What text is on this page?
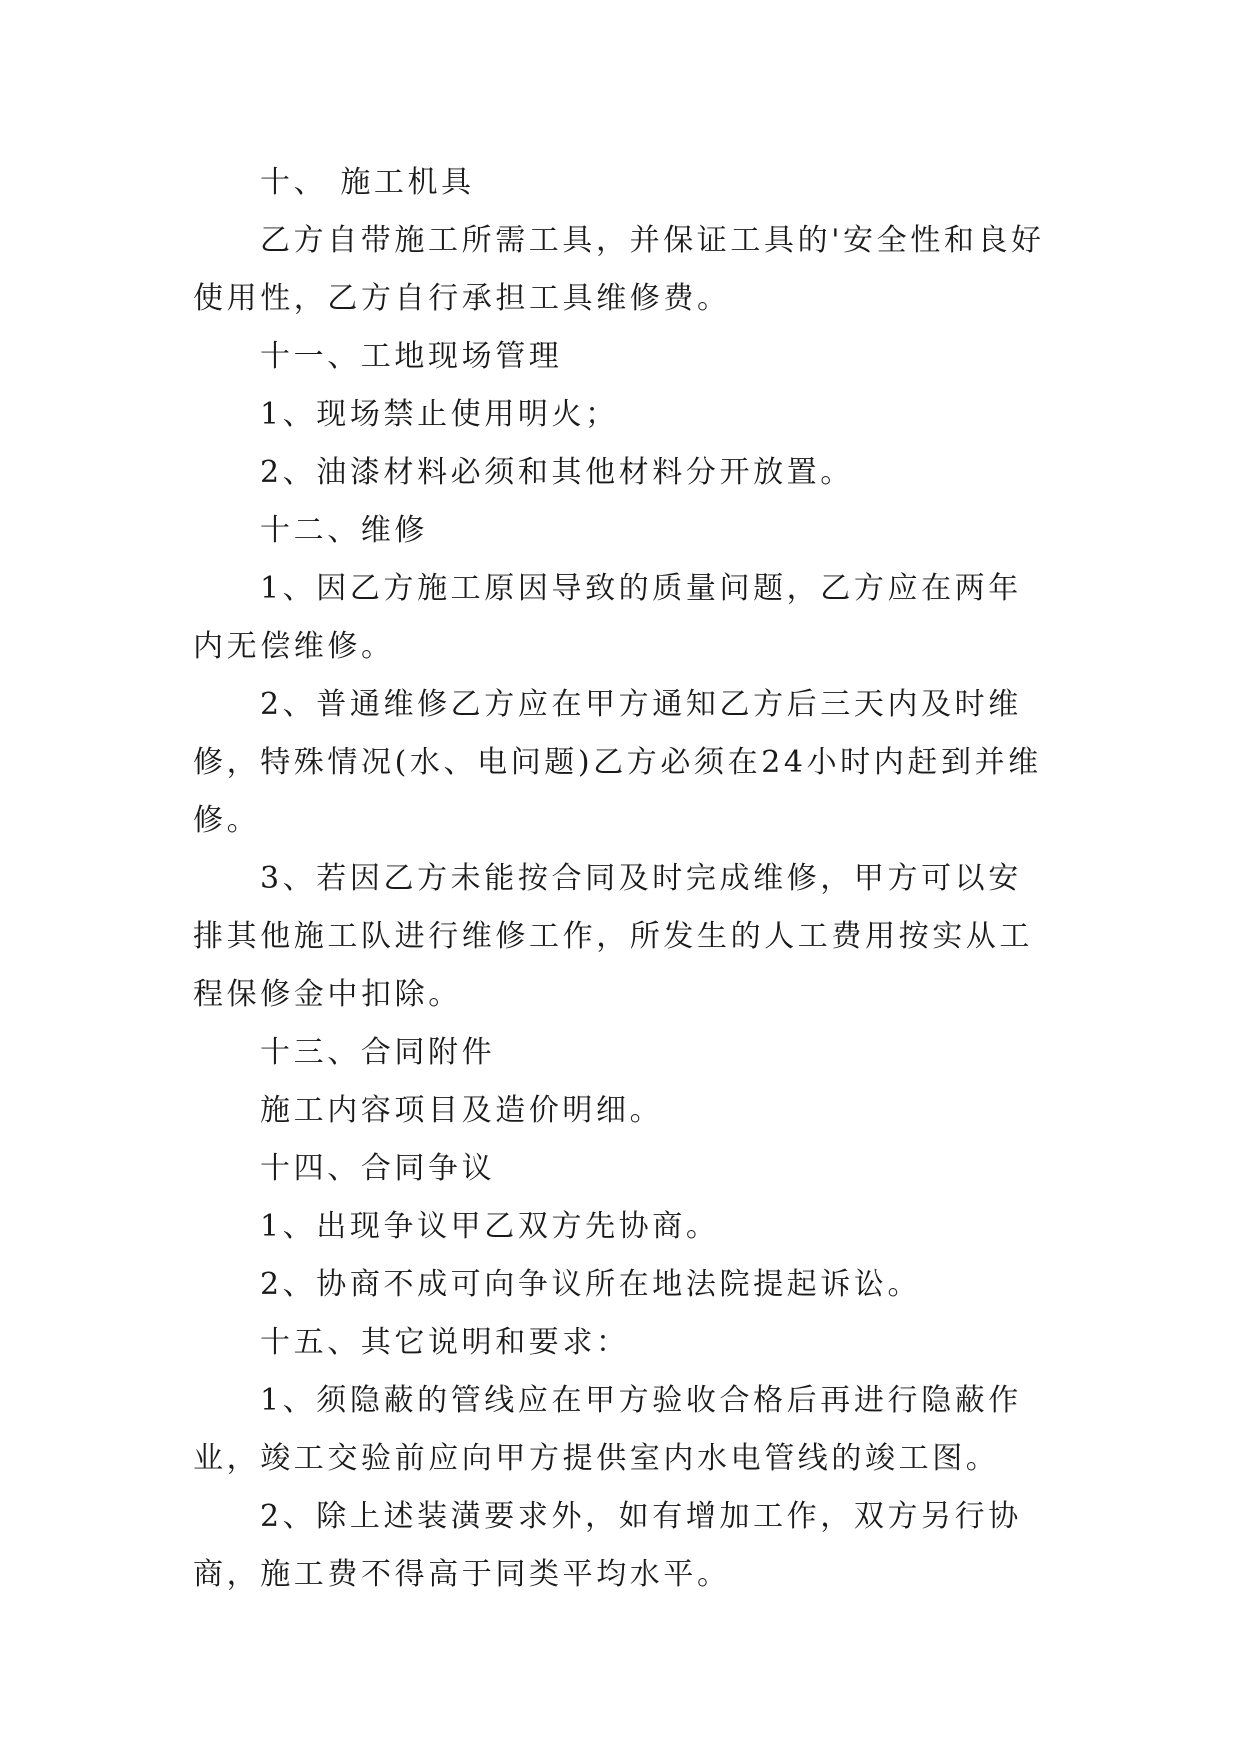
十、 施工机具

乙方自带施工所需工具，并保证工具的'安全性和良好使用性，乙方自行承担工具维修费。

十一、工地现场管理

1、现场禁止使用明火；

2、油漆材料必须和其他材料分开放置。

十二、维修

1、因乙方施工原因导致的质量问题，乙方应在两年内无偿维修。

2、普通维修乙方应在甲方通知乙方后三天内及时维修，特殊情况(水、电问题)乙方必须在24小时内赶到并维修。

3、若因乙方未能按合同及时完成维修，甲方可以安排其他施工队进行维修工作，所发生的人工费用按实从工程保修金中扣除。

十三、合同附件

施工内容项目及造价明细。

十四、合同争议

1、出现争议甲乙双方先协商。

2、协商不成可向争议所在地法院提起诉讼。

十五、其它说明和要求：

1、须隐蔽的管线应在甲方验收合格后再进行隐蔽作业，竣工交验前应向甲方提供室内水电管线的竣工图。

2、除上述装潢要求外，如有增加工作，双方另行协商，施工费不得高于同类平均水平。
